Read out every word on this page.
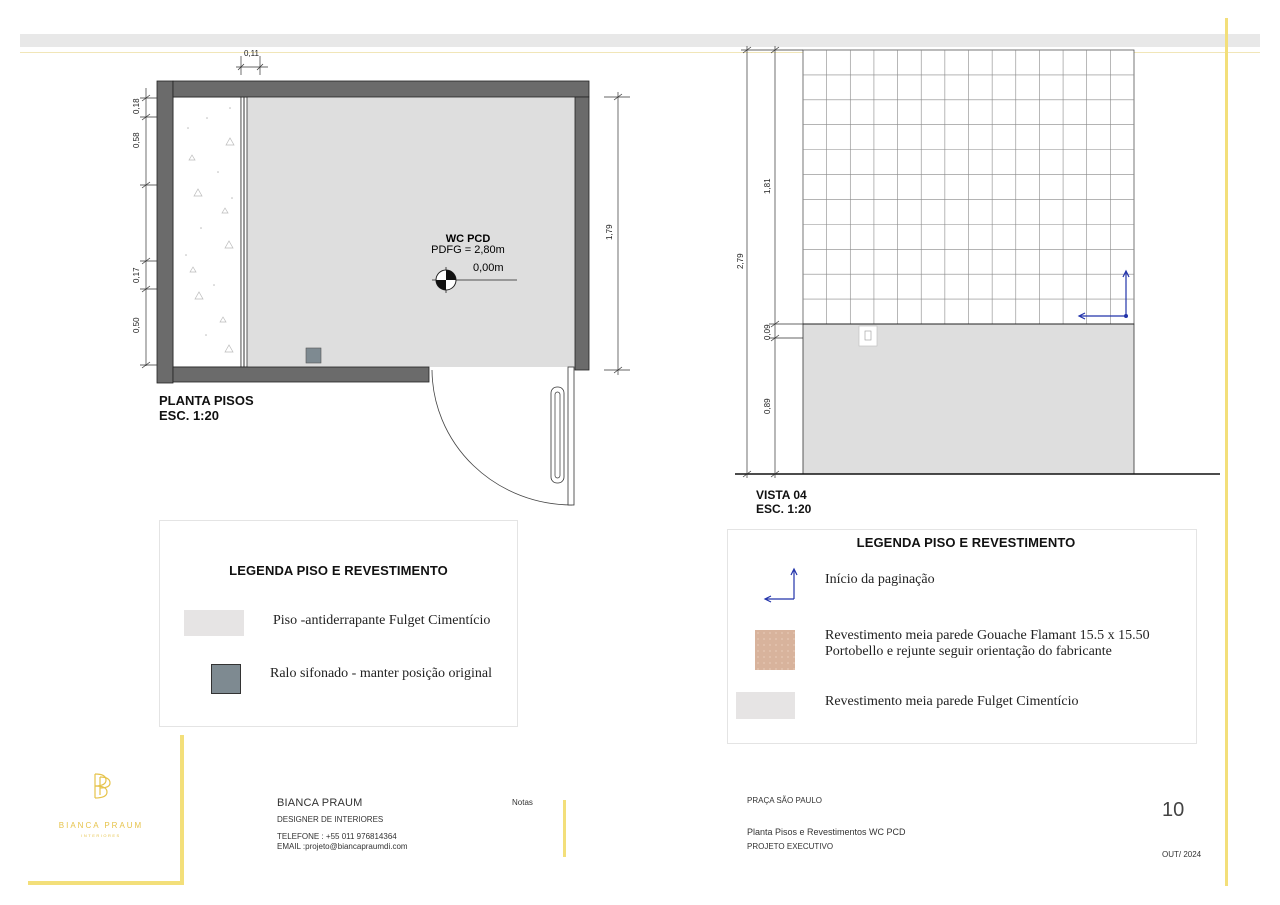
0,11
0,18
0,58
0,17
0,50
1,79
WC PCD
PDFG = 2,80m
0,00m	2,79
1,81
0,09
0,89
PLANTA PISOS
ESC. 1:20
VISTA 04
ESC. 1:20
LEGENDA PISO E REVESTIMENTO
Piso -antiderrapante Fulget Cimentício
Ralo sifonado - manter posição original
LEGENDA PISO E REVESTIMENTO
Início da paginação
Revestimento meia parede Gouache Flamant 15.5 x 15.50
Portobello e rejunte seguir orientação do fabricante
Revestimento meia parede Fulget Cimentício
BIANCA PRAUM
INTERIORES
BIANCA PRAUM
DESIGNER DE INTERIORES
TELEFONE : +55 011 976814364
EMAIL :projeto@biancapraumdi.com
Notas	PRAÇA SÃO PAULO
Planta Pisos e Revestimentos WC PCD
PROJETO EXECUTIVO
10
OUT/ 2024
